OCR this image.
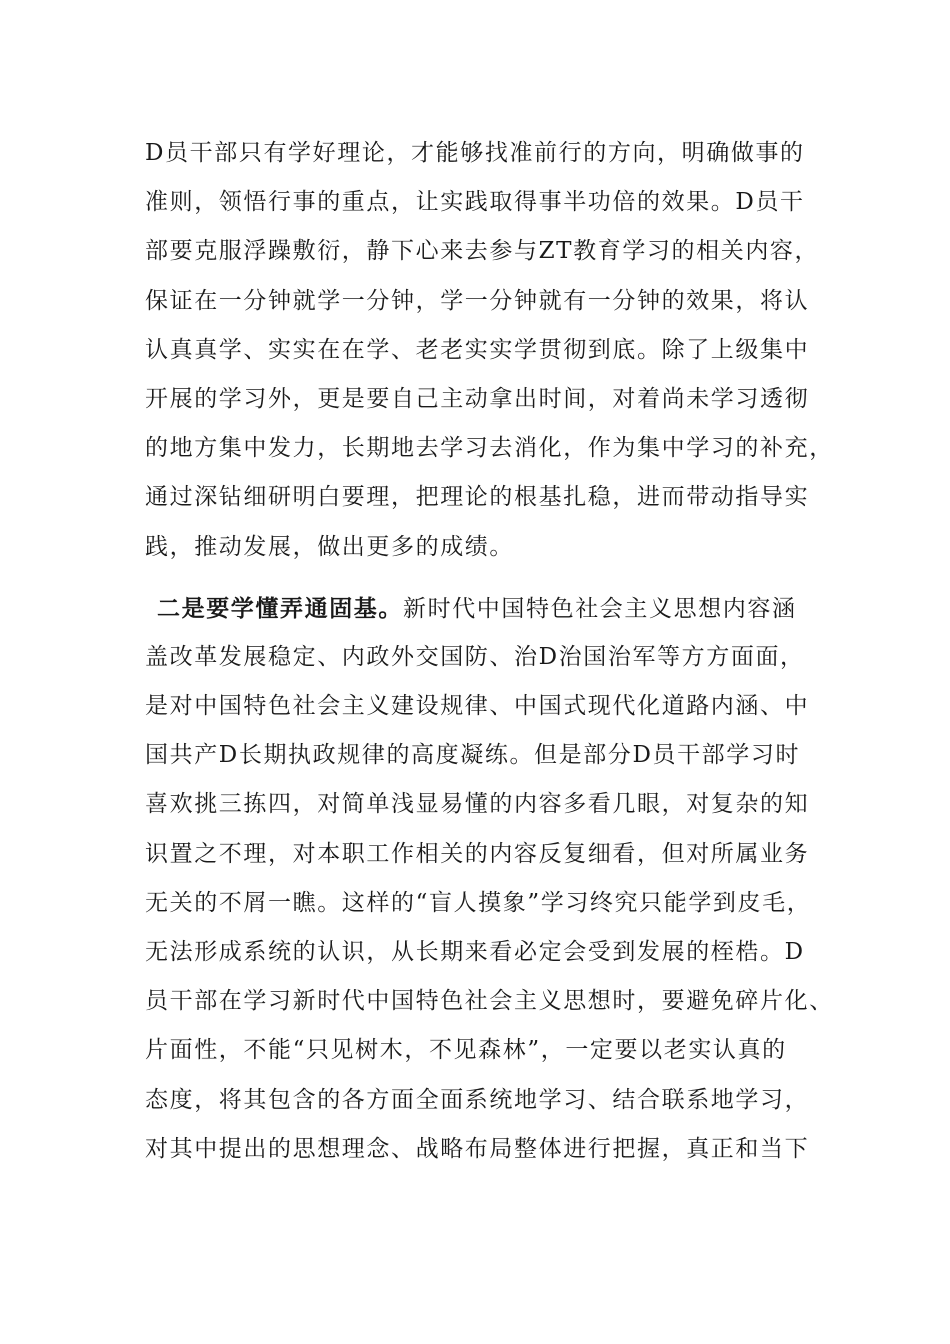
D员干部只有学好理论，才能够找准前行的方向，明确做事的
准则，领悟行事的重点，让实践取得事半功倍的效果。D员干
部要克服浮躁敷衍，静下心来去参与ZT教育学习的相关内容，
保证在一分钟就学一分钟，学一分钟就有一分钟的效果，将认
认真真学、实实在在学、老老实实学贯彻到底。除了上级集中
开展的学习外，更是要自己主动拿出时间，对着尚未学习透彻
的地方集中发力，长期地去学习去消化，作为集中学习的补充，
通过深钻细研明白要理，把理论的根基扎稳，进而带动指导实
践，推动发展，做出更多的成绩。
二是要学懂弄通固基。新时代中国特色社会主义思想内容涵
盖改革发展稳定、内政外交国防、治D治国治军等方方面面，
是对中国特色社会主义建设规律、中国式现代化道路内涵、中
国共产D长期执政规律的高度凝练。但是部分D员干部学习时
喜欢挑三拣四，对简单浅显易懂的内容多看几眼，对复杂的知
识置之不理，对本职工作相关的内容反复细看，但对所属业务
无关的不屑一瞧。这样的“盲人摸象”学习终究只能学到皮毛，
无法形成系统的认识，从长期来看必定会受到发展的桎梏。D
员干部在学习新时代中国特色社会主义思想时，要避免碎片化、
片面性，不能“只见树木，不见森林”，一定要以老实认真的
态度，将其包含的各方面全面系统地学习、结合联系地学习，
对其中提出的思想理念、战略布局整体进行把握，真正和当下
